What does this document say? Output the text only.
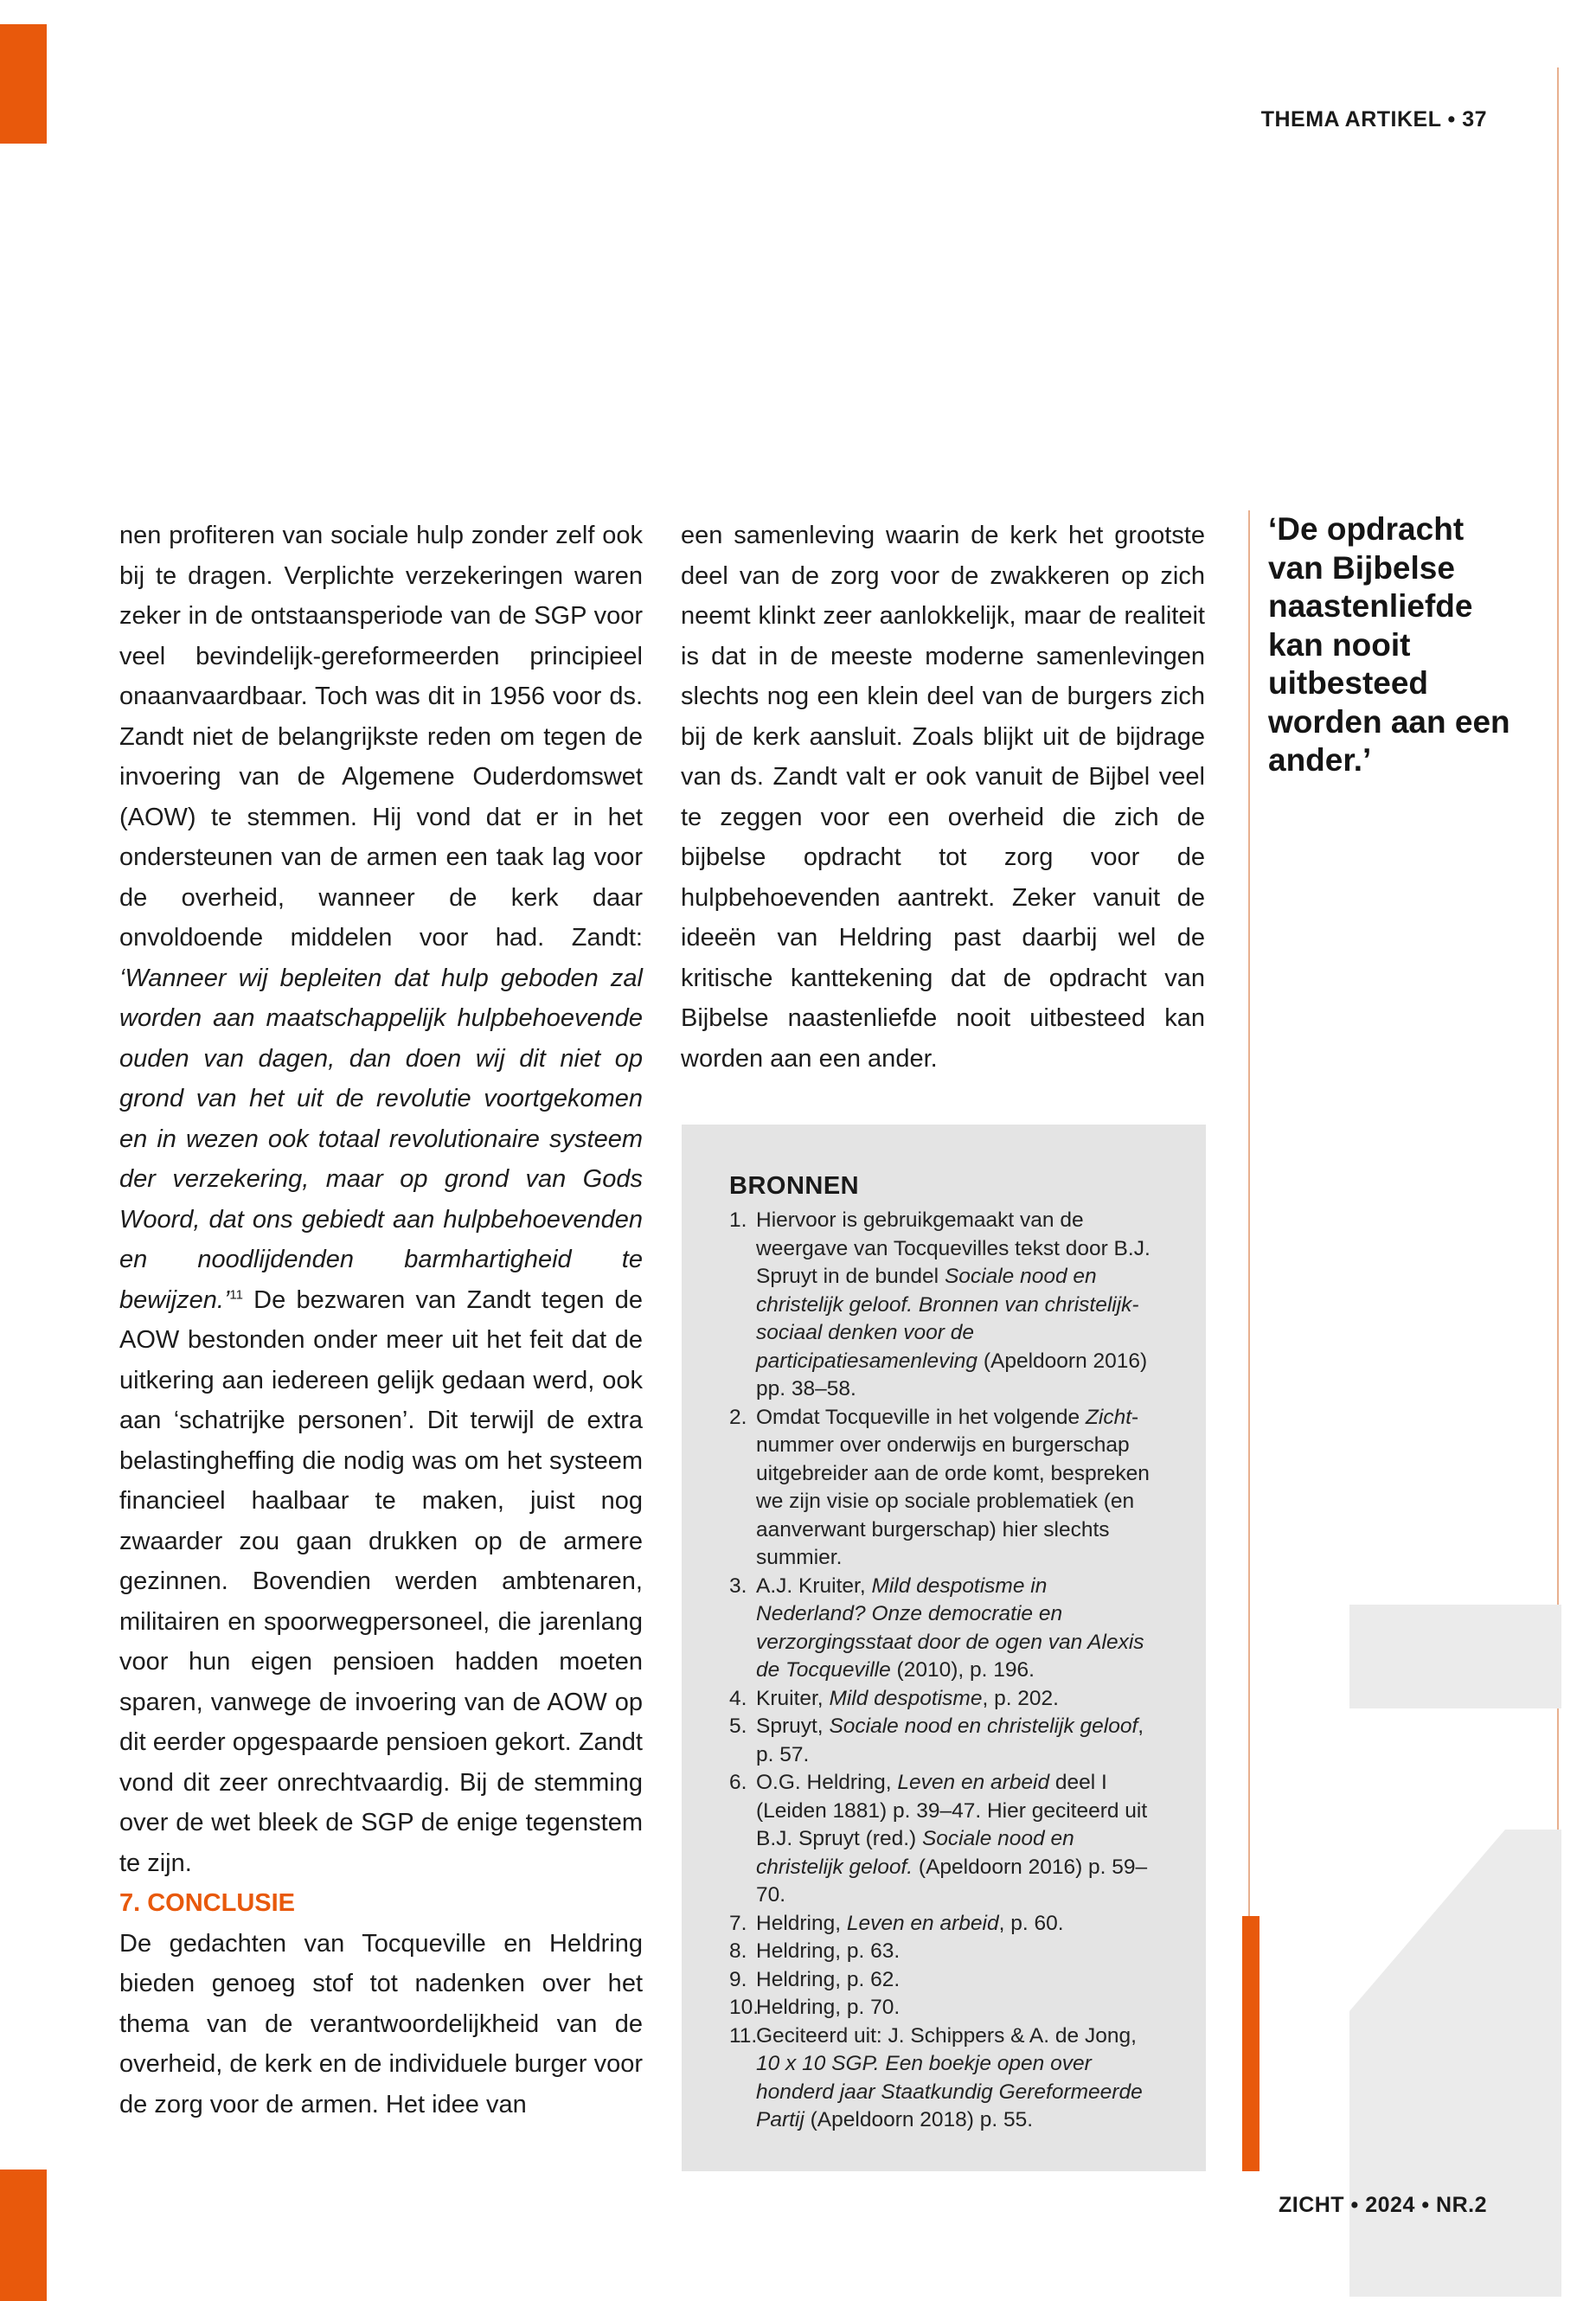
THEMA ARTIKEL • 37

nen profiteren van sociale hulp zonder zelf ook bij te dragen. Verplichte verzekeringen waren zeker in de ontstaansperiode van de SGP voor veel bevindelijk-gereformeerden principieel onaanvaardbaar. Toch was dit in 1956 voor ds. Zandt niet de belangrijkste reden om tegen de invoering van de Algemene Ouderdomswet (AOW) te stemmen. Hij vond dat er in het ondersteunen van de armen een taak lag voor de overheid, wanneer de kerk daar onvoldoende middelen voor had. Zandt: ‘Wanneer wij bepleiten dat hulp geboden zal worden aan maatschappelijk hulpbehoevende ouden van dagen, dan doen wij dit niet op grond van het uit de revolutie voortgekomen en in wezen ook totaal revolutionaire systeem der verzekering, maar op grond van Gods Woord, dat ons gebiedt aan hulpbehoevenden en noodlijdenden barmhartigheid te bewijzen.’$^{11}$ De bezwaren van Zandt tegen de AOW bestonden onder meer uit het feit dat de uitkering aan iedereen gelijk gedaan werd, ook aan ‘schatrijke personen’. Dit terwijl de extra belastingheffing die nodig was om het systeem financieel haalbaar te maken, juist nog zwaarder zou gaan drukken op de armere gezinnen. Bovendien werden ambtenaren, militairen en spoorwegpersoneel, die jarenlang voor hun eigen pensioen hadden moeten sparen, vanwege de invoering van de AOW op dit eerder opgespaarde pensioen gekort. Zandt vond dit zeer onrechtvaardig. Bij de stemming over de wet bleek de SGP de enige tegenstem te zijn.

7. CONCLUSIE

De gedachten van Tocqueville en Heldring bieden genoeg stof tot nadenken over het thema van de verantwoordelijkheid van de overheid, de kerk en de individuele burger voor de zorg voor de armen. Het idee van

een samenleving waarin de kerk het grootste deel van de zorg voor de zwakkeren op zich neemt klinkt zeer aanlokkelijk, maar de realiteit is dat in de meeste moderne samenlevingen slechts nog een klein deel van de burgers zich bij de kerk aansluit. Zoals blijkt uit de bijdrage van ds. Zandt valt er ook vanuit de Bijbel veel te zeggen voor een overheid die zich de bijbelse opdracht tot zorg voor de hulpbehoevenden aantrekt. Zeker vanuit de ideeën van Heldring past daarbij wel de kritische kanttekening dat de opdracht van Bijbelse naastenliefde nooit uitbesteed kan worden aan een ander.

‘De opdracht van Bijbelse naastenliefde kan nooit uitbesteed worden aan een ander.’
BRONNEN
1. Hiervoor is gebruikgemaakt van de weergave van Tocquevilles tekst door B.J. Spruyt in de bundel Sociale nood en christelijk geloof. Bronnen van christelijk-sociaal denken voor de participatiesamenleving (Apeldoorn 2016) pp. 38–58.
2. Omdat Tocqueville in het volgende Zicht-nummer over onderwijs en burgerschap uitgebreider aan de orde komt, bespreken we zijn visie op sociale problematiek (en aanverwant burgerschap) hier slechts summier.
3. A.J. Kruiter, Mild despotisme in Nederland? Onze democratie en verzorgingsstaat door de ogen van Alexis de Tocqueville (2010), p. 196.
4. Kruiter, Mild despotisme, p. 202.
5. Spruyt, Sociale nood en christelijk geloof, p. 57.
6. O.G. Heldring, Leven en arbeid deel I (Leiden 1881) p. 39–47. Hier geciteerd uit B.J. Spruyt (red.) Sociale nood en christelijk geloof. (Apeldoorn 2016) p. 59–70.
7. Heldring, Leven en arbeid, p. 60.
8. Heldring, p. 63.
9. Heldring, p. 62.
10.
Heldring, p. 70.
11.
Geciteerd uit: J. Schippers & A. de Jong, 10 x 10 SGP. Een boekje open over honderd jaar Staatkundig Gereformeerde Partij (Apeldoorn 2018) p. 55.
ZICHT • 2024 • NR.2
